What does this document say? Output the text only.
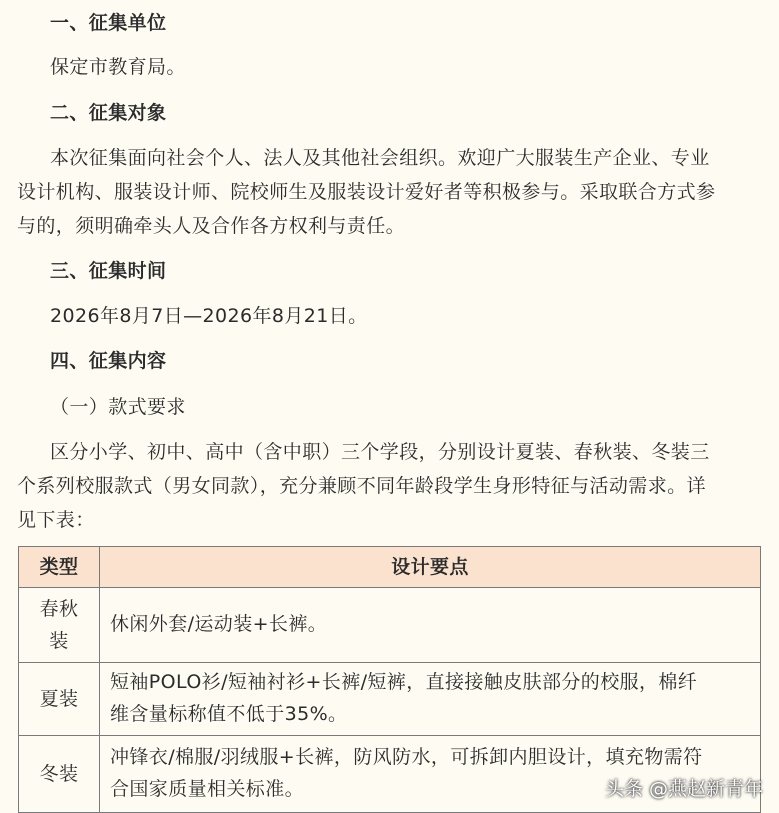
一、征集单位
保定市教育局。
二、征集对象
本次征集面向社会个人、法人及其他社会组织。欢迎广大服装生产企业、专业
设计机构、服装设计师、院校师生及服装设计爱好者等积极参与。采取联合方式参
与的，须明确牵头人及合作各方权利与责任。
三、征集时间
2026年8月7日—2026年8月21日。
四、征集内容
（一）款式要求
区分小学、初中、高中（含中职）三个学段，分别设计夏装、春秋装、冬装三
个系列校服款式（男女同款），充分兼顾不同年龄段学生身形特征与活动需求。详
见下表：
类型	设计要点

春秋
装	休闲外套/运动装+长裤。

夏装	短袖POLO衫/短袖衬衫+长裤/短裤，直接接触皮肤部分的校服，棉纤
维含量标称值不低于35%。

冬装	冲锋衣/棉服/羽绒服+长裤，防风防水，可拆卸内胆设计，填充物需符
合国家质量相关标准。	头条 @燕赵新青年
